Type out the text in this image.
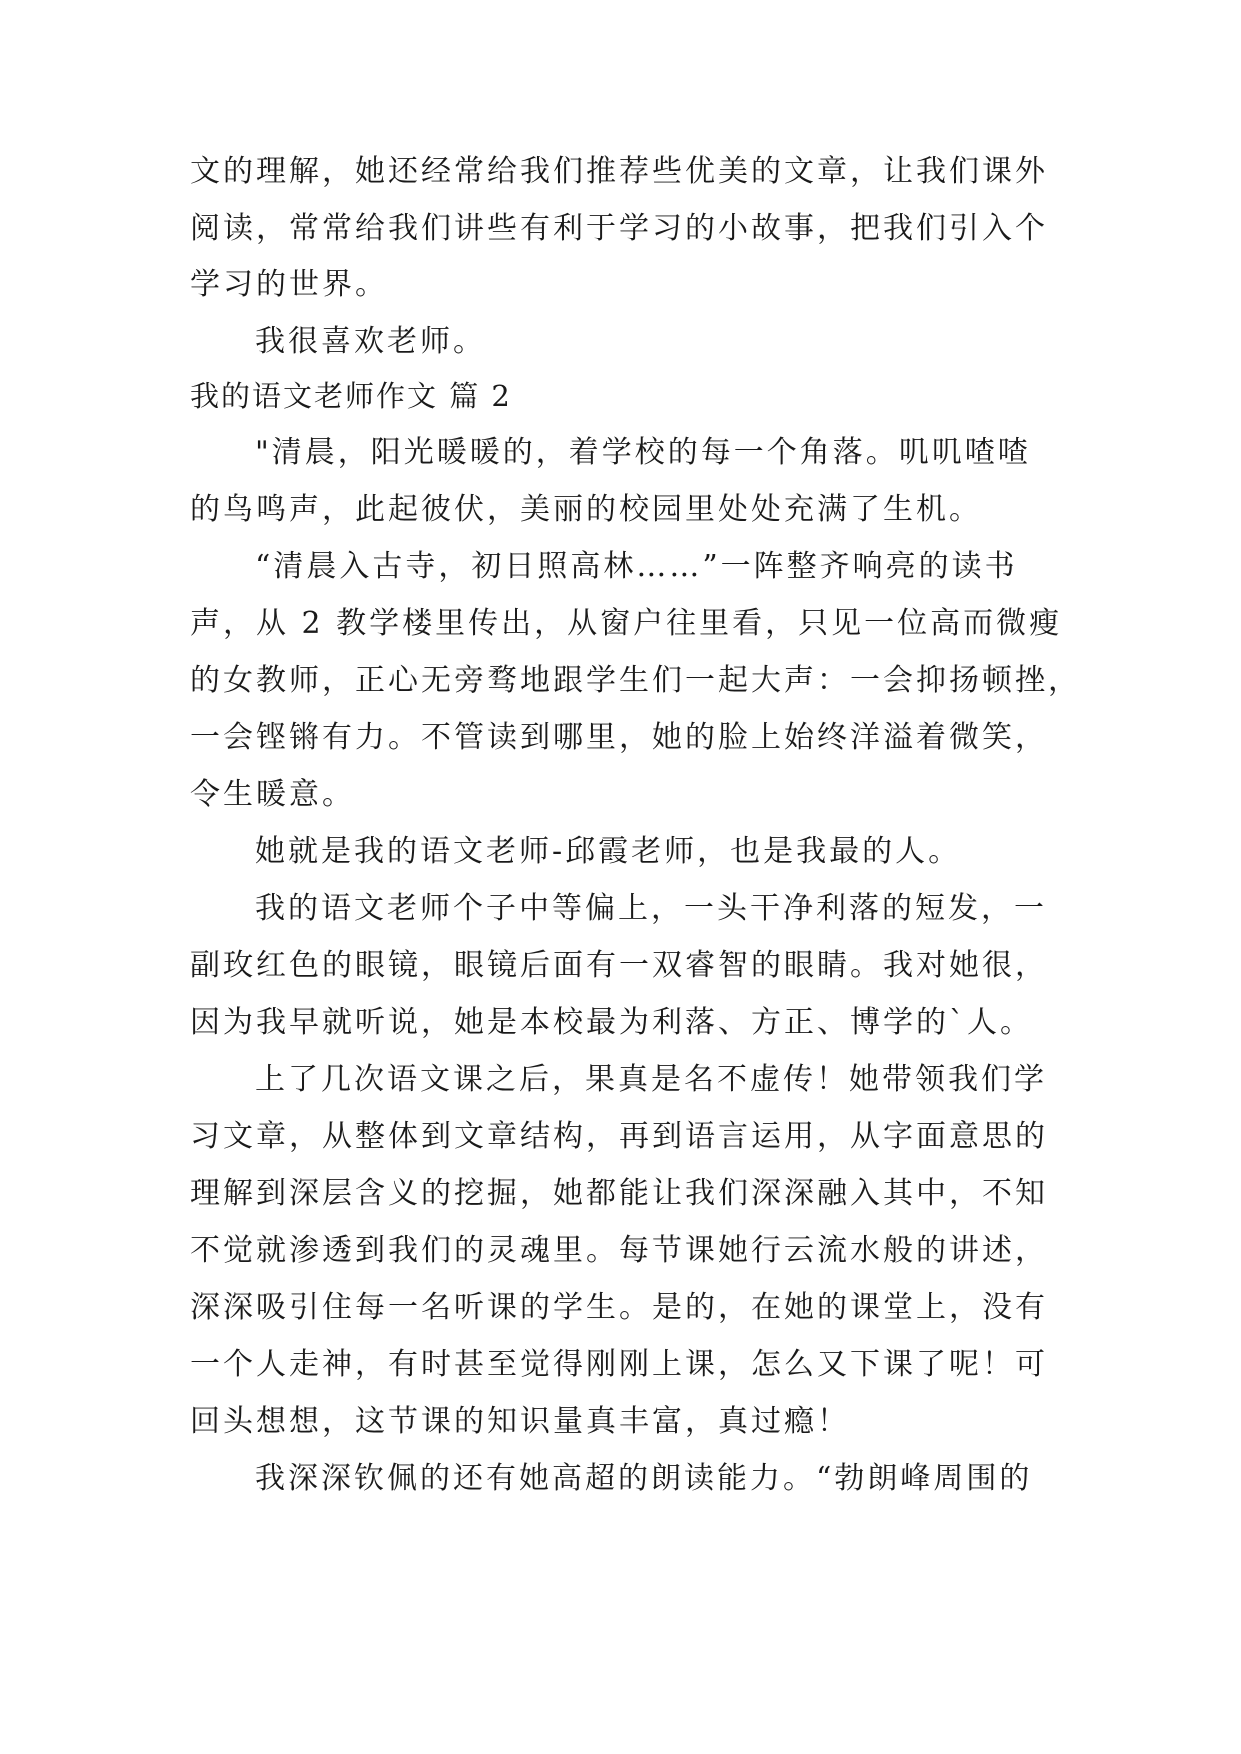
文的理解，她还经常给我们推荐些优美的文章，让我们课外
阅读，常常给我们讲些有利于学习的小故事，把我们引入个
学习的世界。
我很喜欢老师。
我的语文老师作文 篇 2
"清晨，阳光暖暖的，着学校的每一个角落。叽叽喳喳
的鸟鸣声，此起彼伏，美丽的校园里处处充满了生机。
“清晨入古寺，初日照高林……”一阵整齐响亮的读书
声，从 2 教学楼里传出，从窗户往里看，只见一位高而微瘦
的女教师，正心无旁骛地跟学生们一起大声：一会抑扬顿挫，
一会铿锵有力。不管读到哪里，她的脸上始终洋溢着微笑，
令生暖意。
她就是我的语文老师-邱霞老师，也是我最的人。
我的语文老师个子中等偏上，一头干净利落的短发，一
副玫红色的眼镜，眼镜后面有一双睿智的眼睛。我对她很，
因为我早就听说，她是本校最为利落、方正、博学的`人。
上了几次语文课之后，果真是名不虚传！她带领我们学
习文章，从整体到文章结构，再到语言运用，从字面意思的
理解到深层含义的挖掘，她都能让我们深深融入其中，不知
不觉就渗透到我们的灵魂里。每节课她行云流水般的讲述，
深深吸引住每一名听课的学生。是的，在她的课堂上，没有
一个人走神，有时甚至觉得刚刚上课，怎么又下课了呢！可
回头想想，这节课的知识量真丰富，真过瘾！
我深深钦佩的还有她高超的朗读能力。“勃朗峰周围的
